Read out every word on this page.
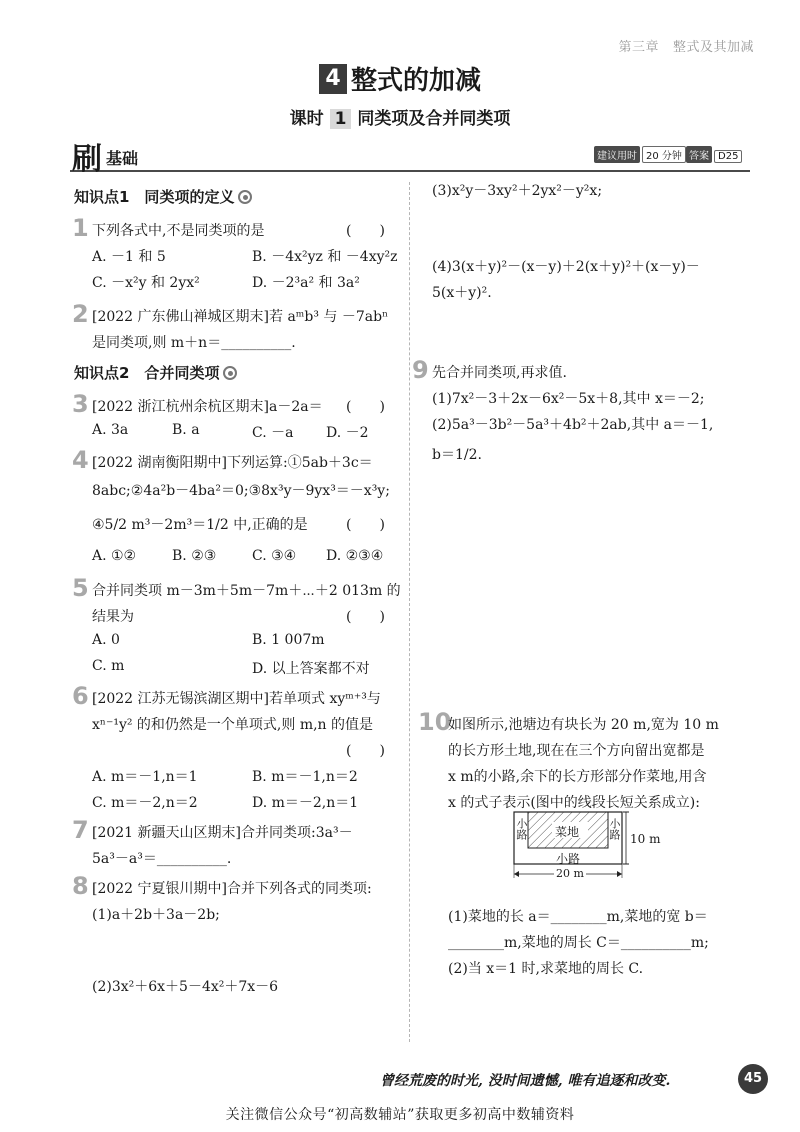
第三章 整式及其加减
4 整式的加减
课时 1 同类项及合并同类项
刷 基础	建议用时 20 分钟 答案 D25
知识点1　同类项的定义
1 下列各式中,不是同类项的是	(　　)
A. －1 和 5	B. －4x²yz 和 －4xy²z
C. －x²y 和 2yx²	D. －2³a² 和 3a²
2 [2022 广东佛山禅城区期末]若 aᵐb³ 与 －7abⁿ
是同类项,则 m＋n＝__________.
知识点2　合并同类项
3 [2022 浙江杭州余杭区期末]a－2a＝ (　　)
A. 3a	B. a	C. －a D. －2
4 [2022 湖南衡阳期中]下列运算:①5ab＋3c＝
8abc;②4a²b－4ba²＝0;③8x³y－9yx³＝－x³y;
④5/2 m³－2m³＝1/2 中,正确的是	(　　)
A. ①②	B. ②③	C. ③④ D. ②③④
5 合并同类项 m－3m＋5m－7m＋⋯＋2 013m 的
结果为	(　　)
A. 0	B. 1 007m
C. m	D. 以上答案都不对
6 [2022 江苏无锡滨湖区期中]若单项式 xyᵐ⁺³与
xⁿ⁻¹y² 的和仍然是一个单项式,则 m,n 的值是
(　　)
A. m＝－1,n＝1	B. m＝－1,n＝2
C. m＝－2,n＝2	D. m＝－2,n＝1
7 [2021 新疆天山区期末]合并同类项:3a³－
5a³－a³＝__________.
8 [2022 宁夏银川期中]合并下列各式的同类项:
(1)a＋2b＋3a－2b;
(2)3x²＋6x＋5－4x²＋7x－6
(3)x²y－3xy²＋2yx²－y²x;
(4)3(x＋y)²－(x－y)＋2(x＋y)²＋(x－y)－
5(x＋y)².
9 先合并同类项,再求值.
(1)7x²－3＋2x－6x²－5x＋8,其中 x＝－2;
(2)5a³－3b²－5a³＋4b²＋2ab,其中 a＝－1,
b＝1/2.
10
如图所示,池塘边有块长为 20 m,宽为 10 m
的长方形土地,现在在三个方向留出宽都是
x m的小路,余下的长方形部分作菜地,用含
x 的式子表示(图中的线段长短关系成立):
小路	小路
小路
菜地	10 m
20 m
(1)菜地的长 a＝________m,菜地的宽 b＝
________m,菜地的周长 C＝__________m;
(2)当 x＝1 时,求菜地的周长 C.
曾经荒废的时光, 没时间遗憾, 唯有追逐和改变.	45
关注微信公众号“初高数辅站”获取更多初高中数辅资料
